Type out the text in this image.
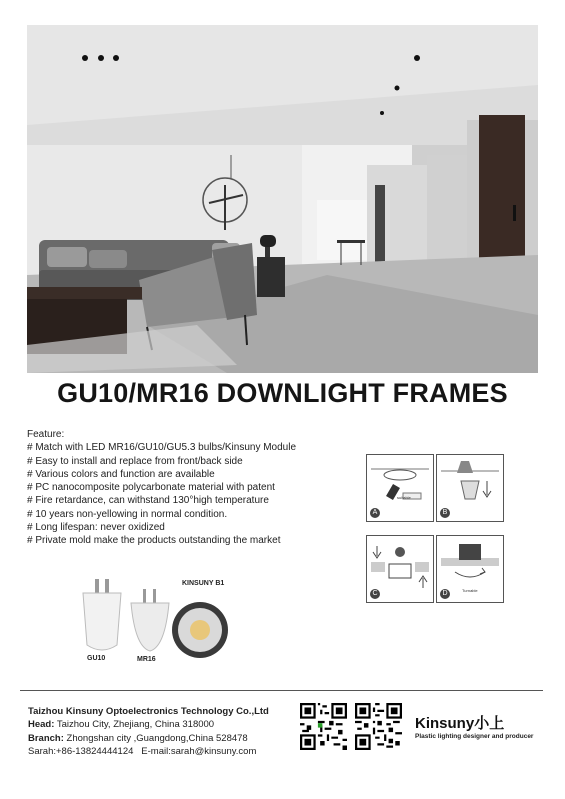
GU10/MR16 DOWNLIGHT FRAMES
Feature:
# Match with LED MR16/GU10/GU5.3 bulbs/Kinsuny Module
# Easy to install and replace from front/back side
# Various colors and function are available
# PC nanocomposite polycarbonate material with patent
# Fire retardance, can withstand 130°high temperature
# 10 years non-yellowing in normal condition.
# Long lifespan: never oxidized
# Private mold make the products outstanding the market
suitable
A	B
C	Turnable
D
KINSUNY B1
GU10	MR16
Taizhou Kinsuny Optoelectronics Technology Co.,Ltd
Head: Taizhou City, Zhejiang, China 318000
Branch: Zhongshan city ,Guangdong,China 528478
Sarah:+86-13824444124   E-mail:sarah@kinsuny.com
Kinsuny小上
Plastic lighting designer and producer
